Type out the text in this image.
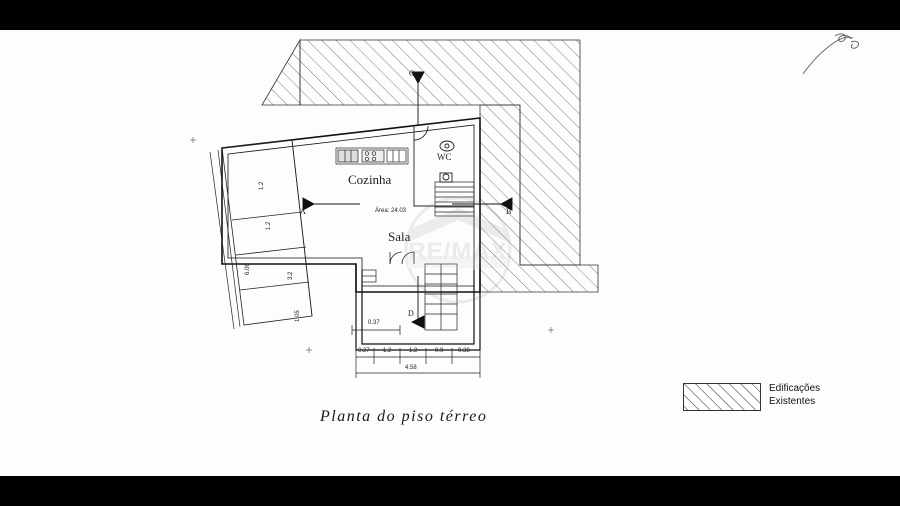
RE/MAX
Cozinha
Sala
WC
Área: 24.03
A	B
C
D
0.27 1.2	1.2	0.9 0.38
4.58
0.37
1.2
1.2
3.2
1.05
6.06
Planta do piso térreo
Edificações
Existentes
